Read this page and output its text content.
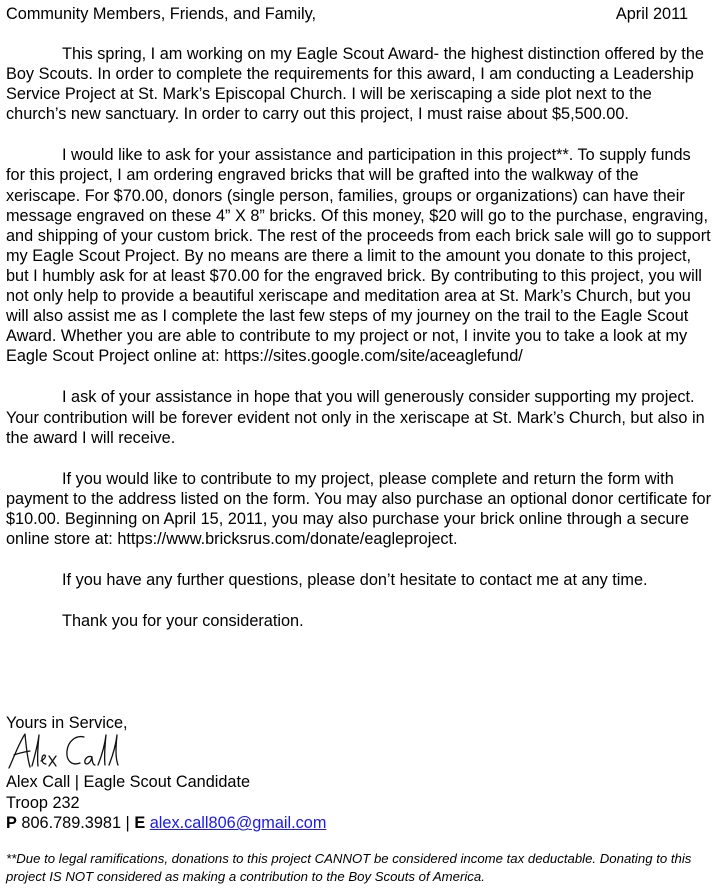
Community Members, Friends, and Family,	April 2011

This spring, I am working on my Eagle Scout Award- the highest distinction offered by the Boy Scouts. In order to complete the requirements for this award, I am conducting a Leadership Service Project at St. Mark’s Episcopal Church. I will be xeriscaping a side plot next to the church’s new sanctuary. In order to carry out this project, I must raise about $5,500.00.

I would like to ask for your assistance and participation in this project**. To supply funds for this project, I am ordering engraved bricks that will be grafted into the walkway of the xeriscape. For $70.00, donors (single person, families, groups or organizations) can have their message engraved on these 4” X 8” bricks. Of this money, $20 will go to the purchase, engraving, and shipping of your custom brick. The rest of the proceeds from each brick sale will go to support my Eagle Scout Project. By no means are there a limit to the amount you donate to this project, but I humbly ask for at least $70.00 for the engraved brick. By contributing to this project, you will not only help to provide a beautiful xeriscape and meditation area at St. Mark’s Church, but you will also assist me as I complete the last few steps of my journey on the trail to the Eagle Scout Award. Whether you are able to contribute to my project or not, I invite you to take a look at my Eagle Scout Project online at: https://sites.google.com/site/aceaglefund/

I ask of your assistance in hope that you will generously consider supporting my project. Your contribution will be forever evident not only in the xeriscape at St. Mark’s Church, but also in the award I will receive.

If you would like to contribute to my project, please complete and return the form with payment to the address listed on the form. You may also purchase an optional donor certificate for $10.00. Beginning on April 15, 2011, you may also purchase your brick online through a secure online store at: https://www.bricksrus.com/donate/eagleproject.

If you have any further questions, please don’t hesitate to contact me at any time.

Thank you for your consideration.

Yours in Service,
Alex Call | Eagle Scout Candidate
Troop 232
P 806.789.3981 | E alex.call806@gmail.com
**Due to legal ramifications, donations to this project CANNOT be considered income tax deductable. Donating to this project IS NOT considered as making a contribution to the Boy Scouts of America.
